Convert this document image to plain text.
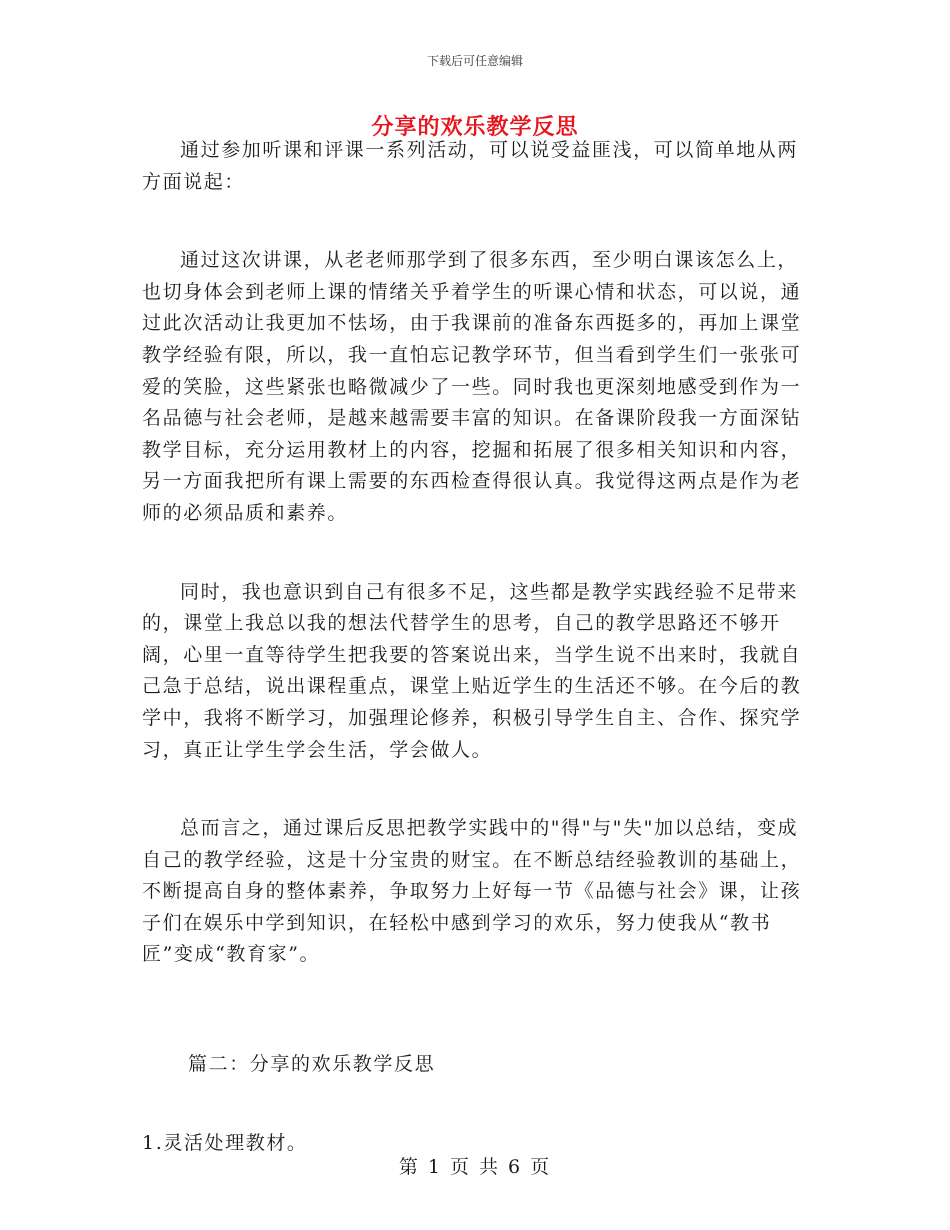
下载后可任意编辑
分享的欢乐教学反思

通过参加听课和评课一系列活动，可以说受益匪浅，可以简单地从两方面说起：

通过这次讲课，从老老师那学到了很多东西，至少明白课该怎么上，也切身体会到老师上课的情绪关乎着学生的听课心情和状态，可以说，通过此次活动让我更加不怯场，由于我课前的准备东西挺多的，再加上课堂教学经验有限，所以，我一直怕忘记教学环节，但当看到学生们一张张可爱的笑脸，这些紧张也略微减少了一些。同时我也更深刻地感受到作为一名品德与社会老师，是越来越需要丰富的知识。在备课阶段我一方面深钻教学目标，充分运用教材上的内容，挖掘和拓展了很多相关知识和内容，另一方面我把所有课上需要的东西检查得很认真。我觉得这两点是作为老师的必须品质和素养。

同时，我也意识到自己有很多不足，这些都是教学实践经验不足带来的，课堂上我总以我的想法代替学生的思考，自己的教学思路还不够开阔，心里一直等待学生把我要的答案说出来，当学生说不出来时，我就自己急于总结，说出课程重点，课堂上贴近学生的生活还不够。在今后的教学中，我将不断学习，加强理论修养，积极引导学生自主、合作、探究学习，真正让学生学会生活，学会做人。

总而言之，通过课后反思把教学实践中的"得"与"失"加以总结，变成自己的教学经验，这是十分宝贵的财宝。在不断总结经验教训的基础上，不断提高自身的整体素养，争取努力上好每一节《品德与社会》课，让孩子们在娱乐中学到知识，在轻松中感到学习的欢乐，努力使我从“教书匠”变成“教育家”。

篇二：分享的欢乐教学反思

1.灵活处理教材。

第 1 页 共 6 页
